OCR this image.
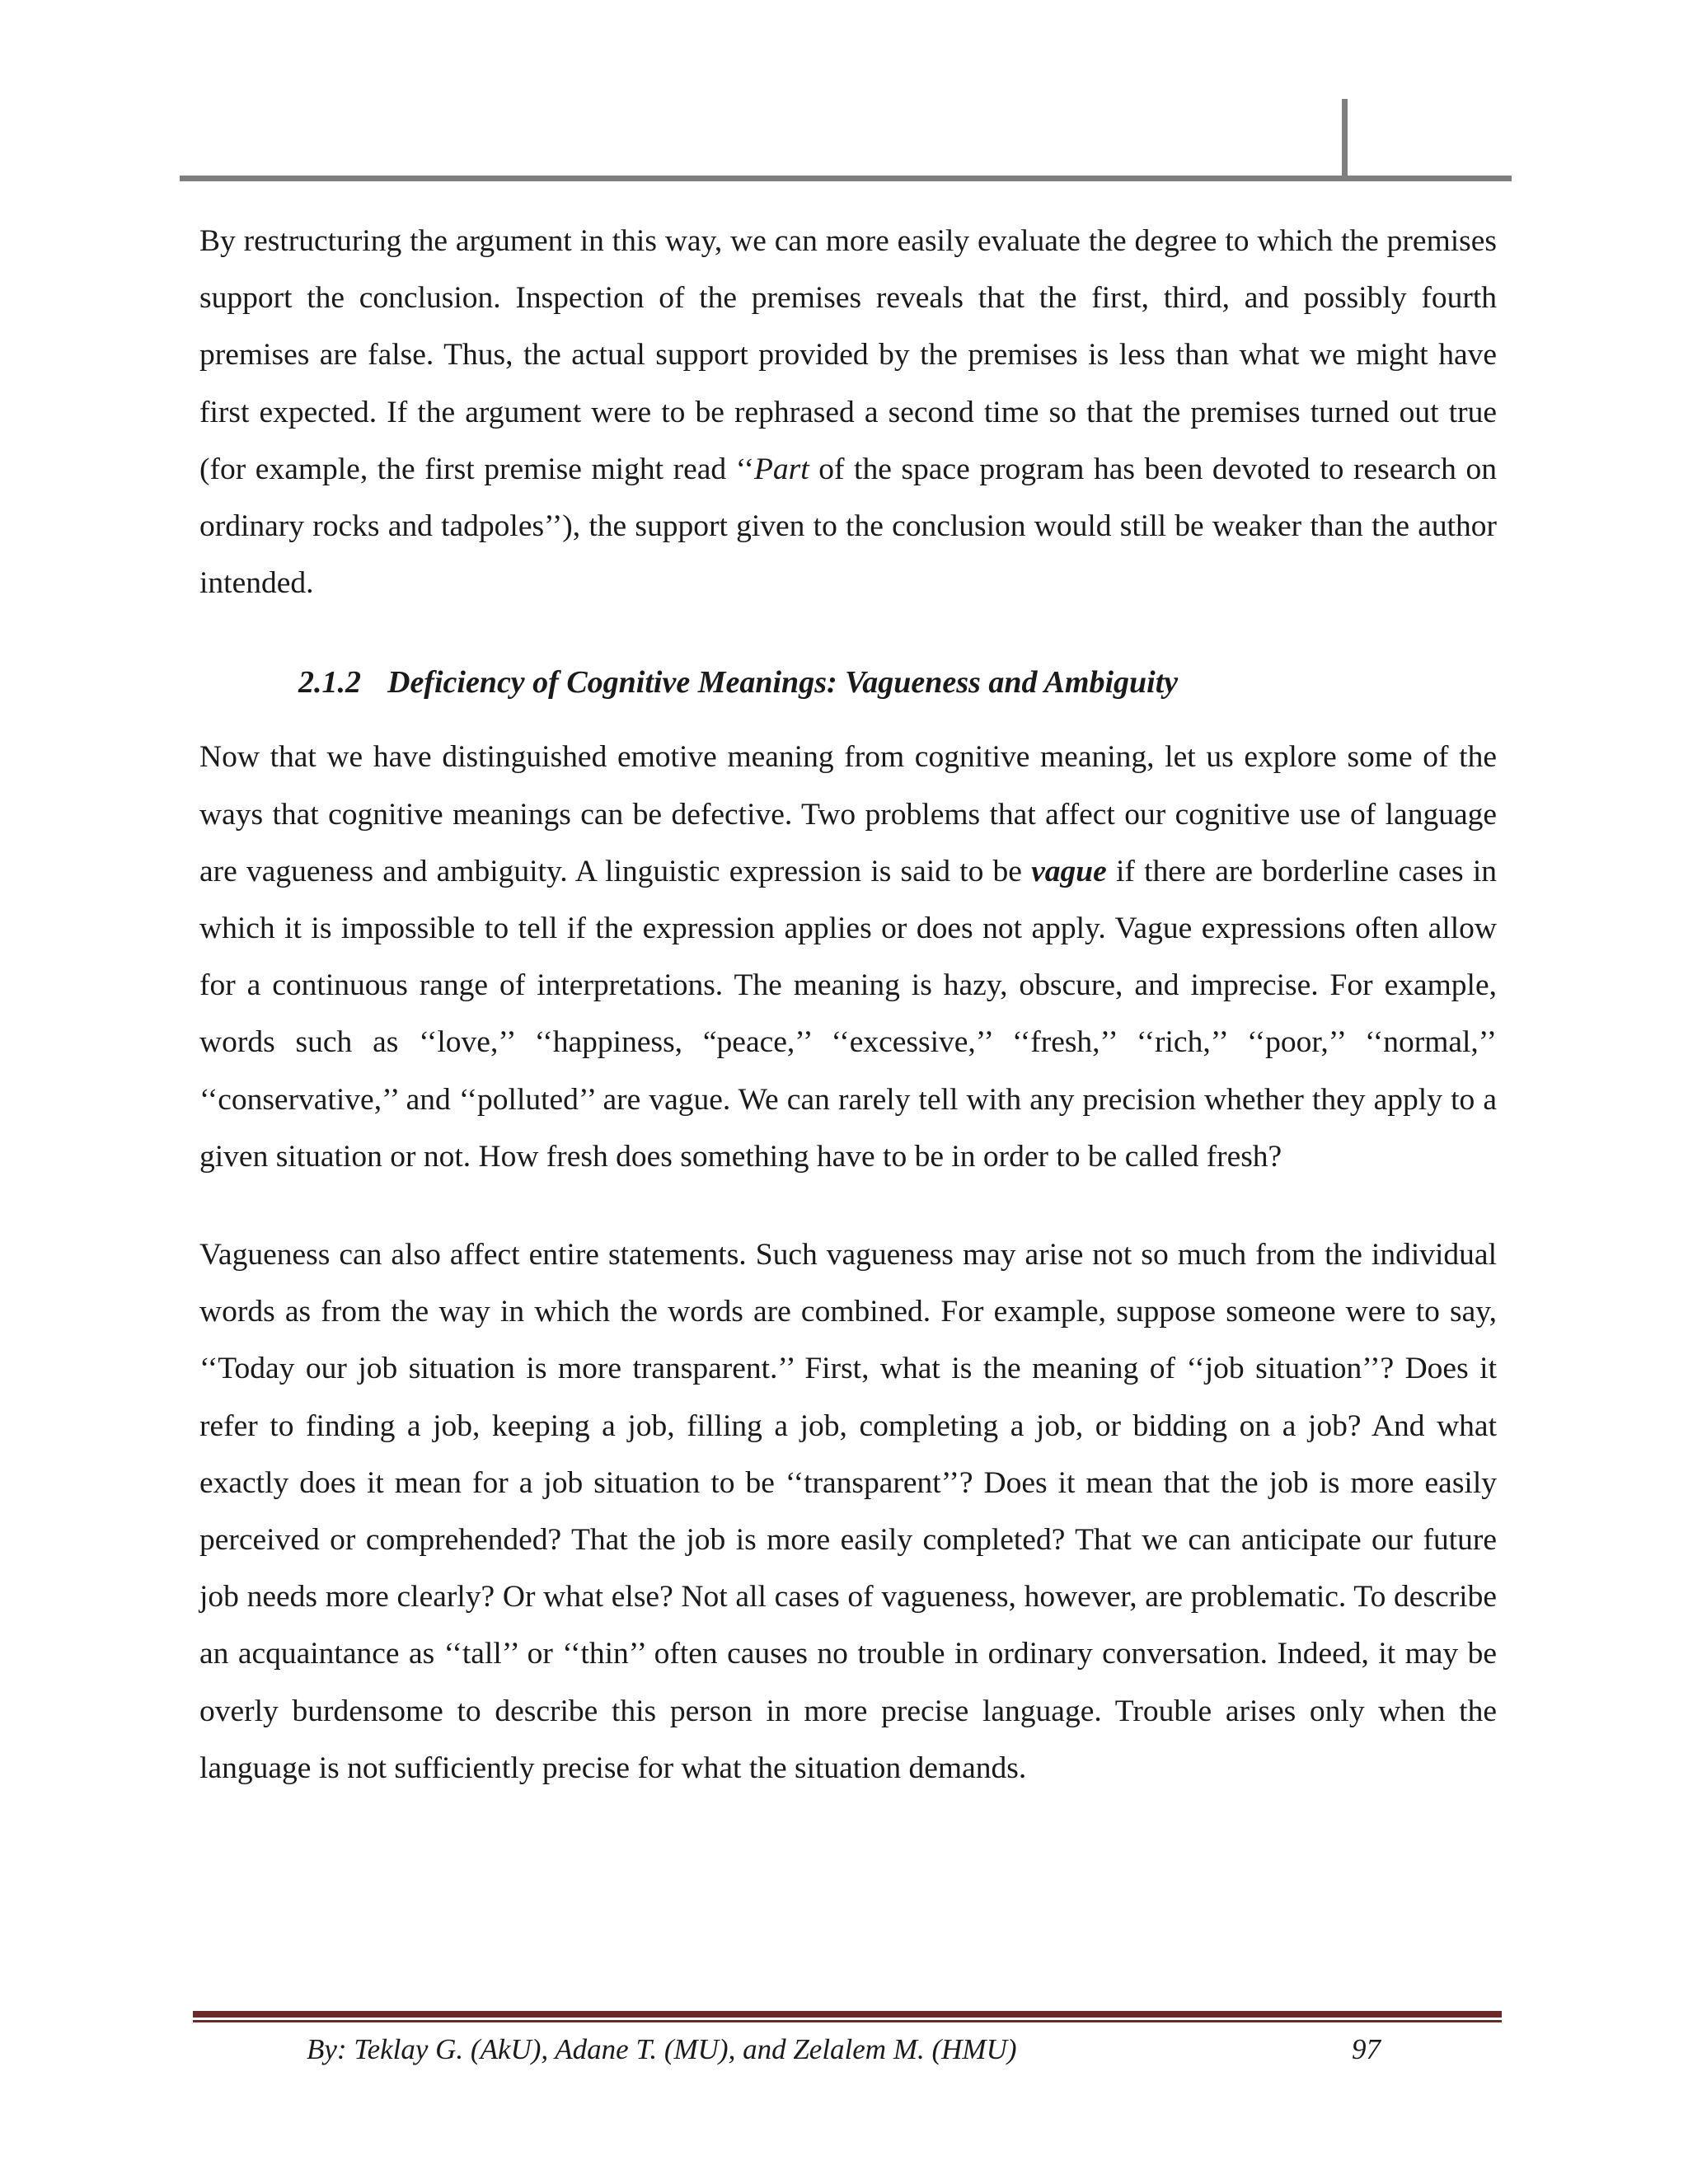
By restructuring the argument in this way, we can more easily evaluate the degree to which the premises support the conclusion. Inspection of the premises reveals that the first, third, and possibly fourth premises are false. Thus, the actual support provided by the premises is less than what we might have first expected. If the argument were to be rephrased a second time so that the premises turned out true (for example, the first premise might read ‘‘Part of the space program has been devoted to research on ordinary rocks and tadpoles’’), the support given to the conclusion would still be weaker than the author intended.

2.1.2 Deficiency of Cognitive Meanings: Vagueness and Ambiguity

Now that we have distinguished emotive meaning from cognitive meaning, let us explore some of the ways that cognitive meanings can be defective. Two problems that affect our cognitive use of language are vagueness and ambiguity. A linguistic expression is said to be vague if there are borderline cases in which it is impossible to tell if the expression applies or does not apply. Vague expressions often allow for a continuous range of interpretations. The meaning is hazy, obscure, and imprecise. For example, words such as ‘‘love,’’ ‘‘happiness, “peace,’’ ‘‘excessive,’’ ‘‘fresh,’’ ‘‘rich,’’ ‘‘poor,’’ ‘‘normal,’’ ‘‘conservative,’’ and ‘‘polluted’’ are vague. We can rarely tell with any precision whether they apply to a given situation or not. How fresh does something have to be in order to be called fresh?

Vagueness can also affect entire statements. Such vagueness may arise not so much from the individual words as from the way in which the words are combined. For example, suppose someone were to say, ‘‘Today our job situation is more transparent.’’ First, what is the meaning of ‘‘job situation’’? Does it refer to finding a job, keeping a job, filling a job, completing a job, or bidding on a job? And what exactly does it mean for a job situation to be ‘‘transparent’’? Does it mean that the job is more easily perceived or comprehended? That the job is more easily completed? That we can anticipate our future job needs more clearly? Or what else? Not all cases of vagueness, however, are problematic. To describe an acquaintance as ‘‘tall’’ or ‘‘thin’’ often causes no trouble in ordinary conversation. Indeed, it may be overly burdensome to describe this person in more precise language. Trouble arises only when the language is not sufficiently precise for what the situation demands.

By: Teklay G. (AkU), Adane T. (MU), and Zelalem M. (HMU)	97
